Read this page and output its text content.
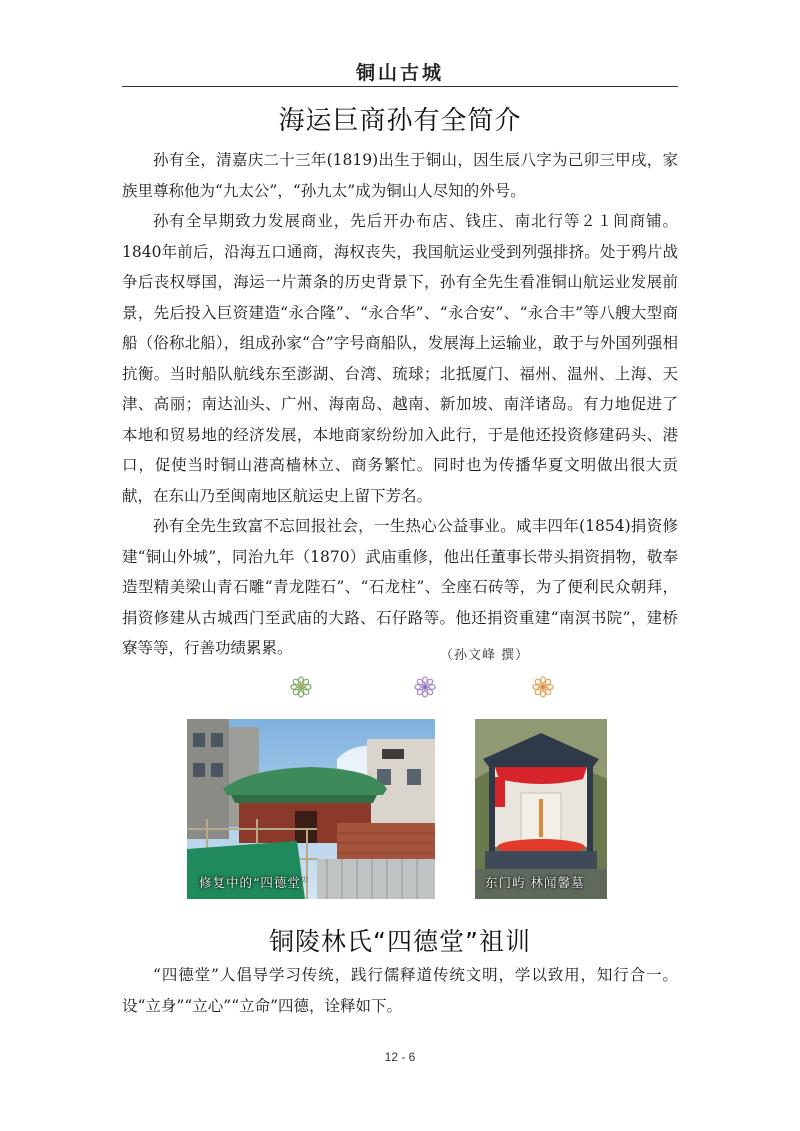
铜山古城
海运巨商孙有全简介

孙有全，清嘉庆二十三年(1819)出生于铜山，因生辰八字为己卯三甲戌，家族里尊称他为“九太公”，“孙九太”成为铜山人尽知的外号。

孙有全早期致力发展商业，先后开办布店、钱庄、南北行等２１间商铺。1840年前后，沿海五口通商，海权丧失，我国航运业受到列强排挤。处于鸦片战争后丧权辱国，海运一片萧条的历史背景下，孙有全先生看准铜山航运业发展前景，先后投入巨资建造“永合隆”、“永合华”、“永合安”、“永合丰”等八艘大型商船（俗称北船），组成孙家“合”字号商船队，发展海上运输业，敢于与外国列强相抗衡。当时船队航线东至澎湖、台湾、琉球；北抵厦门、福州、温州、上海、天津、高丽；南达汕头、广州、海南岛、越南、新加坡、南洋诸岛。有力地促进了本地和贸易地的经济发展，本地商家纷纷加入此行，于是他还投资修建码头、港口，促使当时铜山港高樯林立、商务繁忙。同时也为传播华夏文明做出很大贡献，在东山乃至闽南地区航运史上留下芳名。

孙有全先生致富不忘回报社会，一生热心公益事业。咸丰四年(1854)捐资修建“铜山外城”，同治九年（1870）武庙重修，他出任董事长带头捐资捐物，敬奉造型精美梁山青石雕“青龙陛石”、“石龙柱”、全座石砖等，为了便利民众朝拜，捐资修建从古城西门至武庙的大路、石仔路等。他还捐资重建“南溟书院”，建桥寮等等，行善功绩累累。	（孙文峰 撰）
修复中的“四德堂”	东门屿 林闻馨墓
铜陵林氏“四德堂”祖训

“四德堂”人倡导学习传统，践行儒释道传统文明，学以致用，知行合一。设“立身”“立心”“立命”四德，诠释如下。

12 - 6
